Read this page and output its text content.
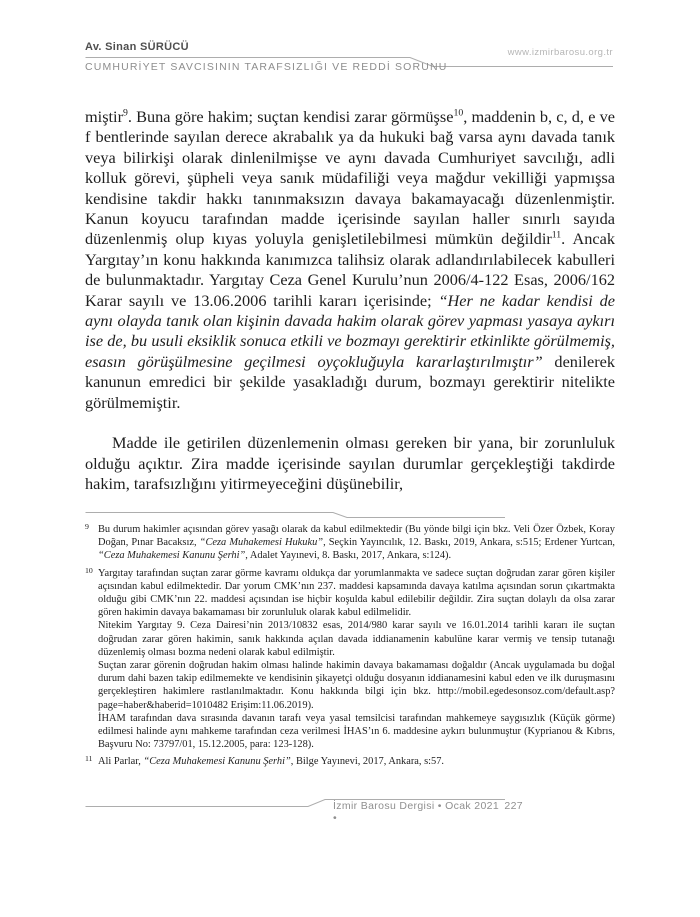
Av. Sinan SÜRÜCÜ
CUMHURİYET SAVCISININ TARAFSIZLIĞI VE REDDİ SORUNU
www.izmirbarosu.org.tr

miştir$^9$. Buna göre hakim; suçtan kendisi zarar görmüşse$^{10}$, maddenin b, c, d, e ve f bentlerinde sayılan derece akrabalık ya da hukuki bağ varsa aynı davada tanık veya bilirkişi olarak dinlenilmişse ve aynı davada Cumhuriyet savcılığı, adli kolluk görevi, şüpheli veya sanık müdafiliği veya mağdur vekilliği yapmışsa kendisine takdir hakkı tanınmaksızın davaya bakamayacağı düzenlenmiştir. Kanun koyucu tarafından madde içerisinde sayılan haller sınırlı sayıda düzenlenmiş olup kıyas yoluyla genişletilebilmesi mümkün değildir$^{11}$. Ancak Yargıtay’ın konu hakkında kanımızca talihsiz olarak adlandırılabilecek kabulleri de bulunmaktadır. Yargıtay Ceza Genel Kurulu’nun 2006/4-122 Esas, 2006/162 Karar sayılı ve 13.06.2006 tarihli kararı içerisinde; “Her ne kadar kendisi de aynı olayda tanık olan kişinin davada hakim olarak görev yapması yasaya aykırı ise de, bu usuli eksiklik sonuca etkili ve bozmayı gerektirir etkinlikte görülmemiş, esasın görüşülmesine geçilmesi oyçokluğuyla kararlaştırılmıştır” denilerek kanunun emredici bir şekilde yasakladığı durum, bozmayı gerektirir nitelikte görülmemiştir.

Madde ile getirilen düzenlemenin olması gereken bir yana, bir zorunluluk olduğu açıktır. Zira madde içerisinde sayılan durumlar gerçekleştiği takdirde hakim, tarafsızlığını yitirmeyeceğini düşünebilir,

9 Bu durum hakimler açısından görev yasağı olarak da kabul edilmektedir (Bu yönde bilgi için bkz. Veli Özer Özbek, Koray Doğan, Pınar Bacaksız, “Ceza Muhakemesi Hukuku”, Seçkin Yayıncılık, 12. Baskı, 2019, Ankara, s:515; Erdener Yurtcan, “Ceza Muhakemesi Kanunu Şerhi”, Adalet Yayınevi, 8. Baskı, 2017, Ankara, s:124).
10 Yargıtay tarafından suçtan zarar görme kavramı oldukça dar yorumlanmakta ve sadece suçtan doğrudan zarar gören kişiler açısından kabul edilmektedir. Dar yorum CMK’nın 237. maddesi kapsamında davaya katılma açısından sorun çıkartmakta olduğu gibi CMK’nın 22. maddesi açısından ise hiçbir koşulda kabul edilebilir değildir. Zira suçtan dolaylı da olsa zarar gören hakimin davaya bakamaması bir zorunluluk olarak kabul edilmelidir.
Nitekim Yargıtay 9. Ceza Dairesi’nin 2013/10832 esas, 2014/980 karar sayılı ve 16.01.2014 tarihli kararı ile suçtan doğrudan zarar gören hakimin, sanık hakkında açılan davada iddianamenin kabulüne karar vermiş ve tensip tutanağı düzenlemiş olması bozma nedeni olarak kabul edilmiştir.
Suçtan zarar görenin doğrudan hakim olması halinde hakimin davaya bakamaması doğaldır (Ancak uygulamada bu doğal durum dahi bazen takip edilmemekte ve kendisinin şikayetçi olduğu dosyanın iddianamesini kabul eden ve ilk duruşmasını gerçekleştiren hakimlere rastlanılmaktadır. Konu hakkında bilgi için bkz. http://mobil.egedesonsoz.com/default.asp?page=haber&haberid=1010482 Erişim:11.06.2019).
İHAM tarafından dava sırasında davanın tarafı veya yasal temsilcisi tarafından mahkemeye saygısızlık (Küçük görme) edilmesi halinde aynı mahkeme tarafından ceza verilmesi İHAS’ın 6. maddesine aykırı bulunmuştur (Kyprianou & Kıbrıs, Başvuru No: 73797/01, 15.12.2005, para: 123-128).
11 Ali Parlar, “Ceza Muhakemesi Kanunu Şerhi”, Bilge Yayınevi, 2017, Ankara, s:57.
İzmir Barosu Dergisi • Ocak 2021 •
227
